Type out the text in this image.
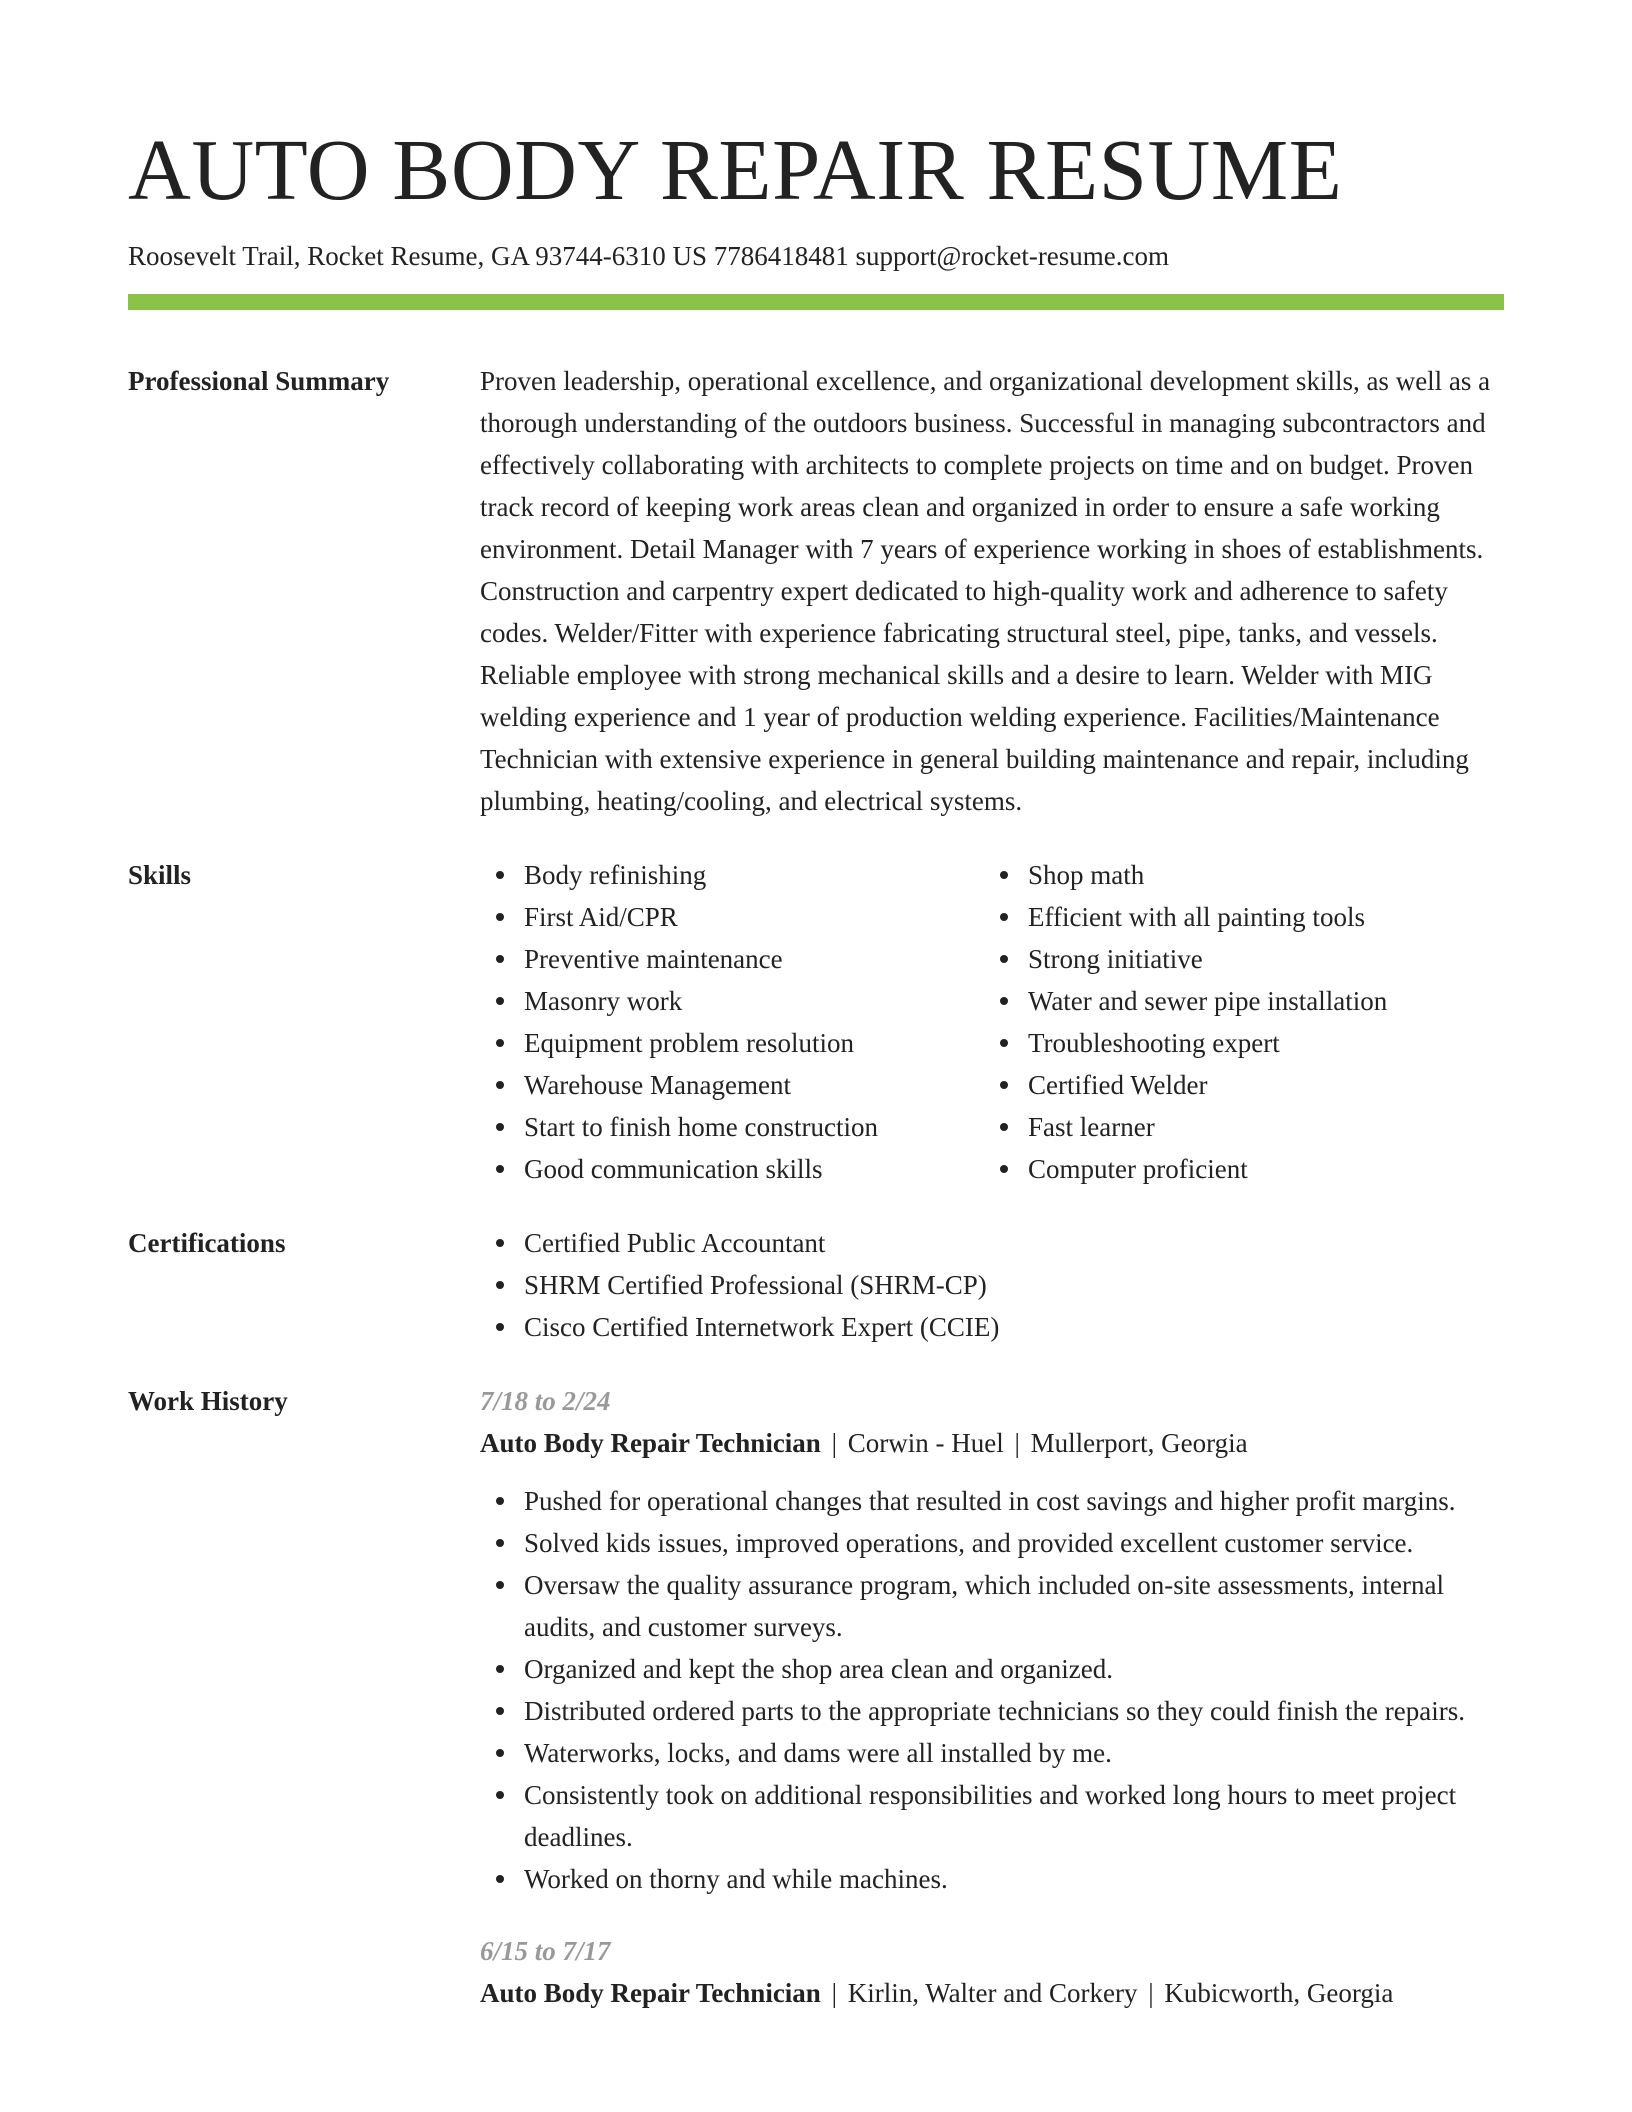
AUTO BODY REPAIR RESUME
Roosevelt Trail, Rocket Resume, GA 93744-6310 US 7786418481 support@rocket-resume.com
Professional Summary	Proven leadership, operational excellence, and organizational development skills, as well as a thorough understanding of the outdoors business. Successful in managing subcontractors and effectively collaborating with architects to complete projects on time and on budget. Proven track record of keeping work areas clean and organized in order to ensure a safe working environment. Detail Manager with 7 years of experience working in shoes of establishments. Construction and carpentry expert dedicated to high-quality work and adherence to safety codes. Welder/Fitter with experience fabricating structural steel, pipe, tanks, and vessels. Reliable employee with strong mechanical skills and a desire to learn. Welder with MIG welding experience and 1 year of production welding experience. Facilities/Maintenance Technician with extensive experience in general building maintenance and repair, including plumbing, heating/cooling, and electrical systems.

Skills	Body refinishing
First Aid/CPR
Preventive maintenance
Masonry work
Equipment problem resolution
Warehouse Management
Start to finish home construction
Good communication skills
Shop math
Efficient with all painting tools
Strong initiative
Water and sewer pipe installation
Troubleshooting expert
Certified Welder
Fast learner
Computer proficient
Certifications	Certified Public Accountant
SHRM Certified Professional (SHRM-CP)
Cisco Certified Internetwork Expert (CCIE)
Work History	7/18 to 2/24
Auto Body Repair Technician | Corwin - Huel | Mullerport, Georgia
Pushed for operational changes that resulted in cost savings and higher profit margins.
Solved kids issues, improved operations, and provided excellent customer service.
Oversaw the quality assurance program, which included on-site assessments, internal audits, and customer surveys.
Organized and kept the shop area clean and organized.
Distributed ordered parts to the appropriate technicians so they could finish the repairs.
Waterworks, locks, and dams were all installed by me.
Consistently took on additional responsibilities and worked long hours to meet project deadlines.
Worked on thorny and while machines.
6/15 to 7/17
Auto Body Repair Technician | Kirlin, Walter and Corkery | Kubicworth, Georgia
